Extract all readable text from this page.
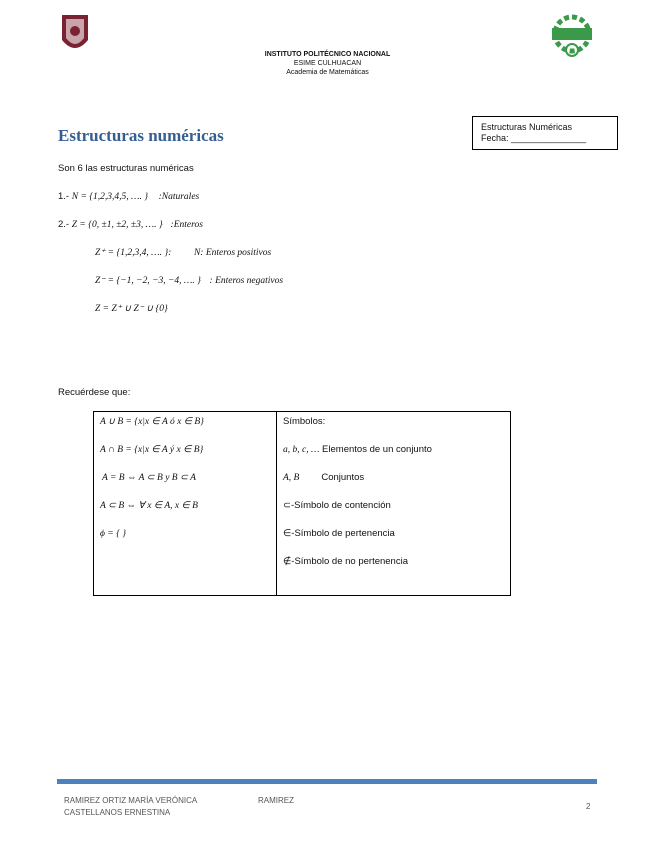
INSTITUTO POLITÉCNICO NACIONAL
ESIME CULHUACAN
Academia de Matemáticas
Estructuras Numéricas
Fecha: _______________
Estructuras numéricas
Son 6 las estructuras numéricas
1.- N = {1,2,3,4,5, …. } :Naturales
2.- Z = {0, ±1, ±2, ±3, …. } :Enteros
Z⁺ = {1,2,3,4, …. }: N: Enteros positivos
Z⁻ = {−1, −2, −3, −4, …. } : Enteros negativos
Z = Z⁺ ∪ Z⁻ ∪ {0}
Recuérdese que:
A ∪ B = {x|x ∈ A ó x ∈ B}
A ∩ B = {x|x ∈ A ý x ∈ B}
A = B ⇔ A ⊂ B y B ⊂ A
A ⊂ B ⇔ ∀ x ∈ A, x ∈ B
ϕ = { }

Símbolos:
a, b, c, … Elementos de un conjunto
A, B Conjuntos
⊂-Símbolo de contención
∈-Símbolo de pertenencia
∉-Símbolo de no pertenencia
RAMIREZ ORTIZ MARÍA VERÓNICA
CASTELLANOS ERNESTINA
RAMIREZ
2
